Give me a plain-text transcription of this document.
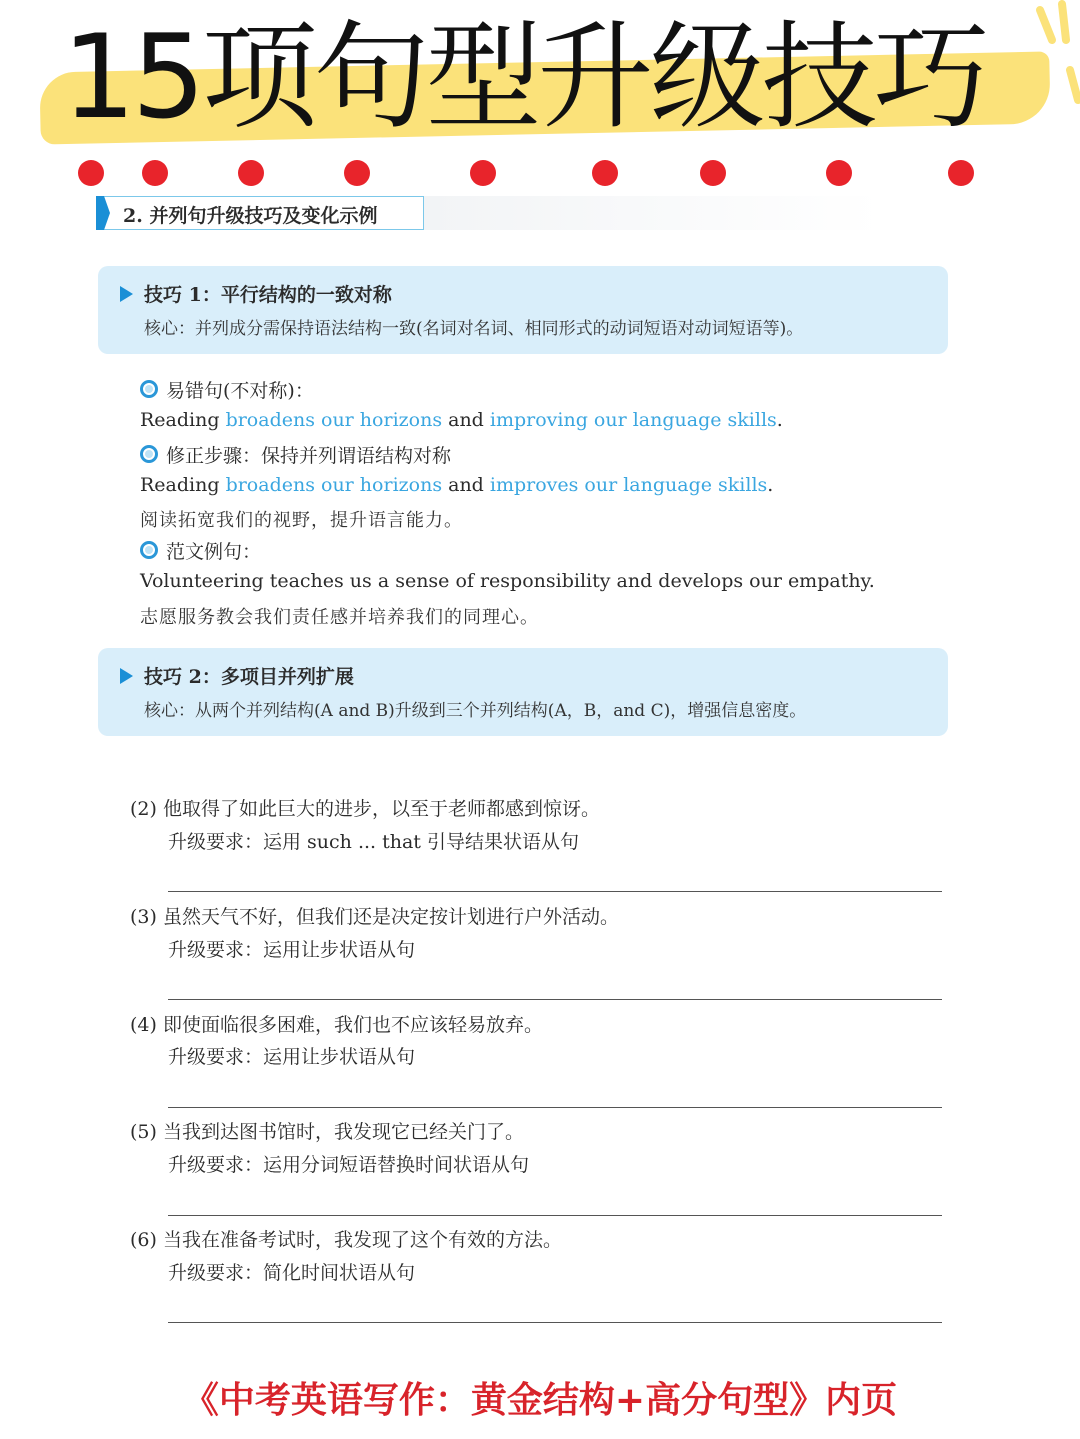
15项句型升级技巧
2. 并列句升级技巧及变化示例
技巧 1：平行结构的一致对称
核心：并列成分需保持语法结构一致(名词对名词、相同形式的动词短语对动词短语等)。
易错句(不对称)：
Reading broadens our horizons and improving our language skills.
修正步骤：保持并列谓语结构对称
Reading broadens our horizons and improves our language skills.
阅读拓宽我们的视野，提升语言能力。
范文例句：
Volunteering teaches us a sense of responsibility and develops our empathy.
志愿服务教会我们责任感并培养我们的同理心。
技巧 2：多项目并列扩展
核心：从两个并列结构(A and B)升级到三个并列结构(A，B，and C)，增强信息密度。
(2) 他取得了如此巨大的进步，以至于老师都感到惊讶。
升级要求：运用 such ... that 引导结果状语从句
(3) 虽然天气不好，但我们还是决定按计划进行户外活动。
升级要求：运用让步状语从句
(4) 即使面临很多困难，我们也不应该轻易放弃。
升级要求：运用让步状语从句
(5) 当我到达图书馆时，我发现它已经关门了。
升级要求：运用分词短语替换时间状语从句
(6) 当我在准备考试时，我发现了这个有效的方法。
升级要求：简化时间状语从句
《中考英语写作：黄金结构+高分句型》内页
